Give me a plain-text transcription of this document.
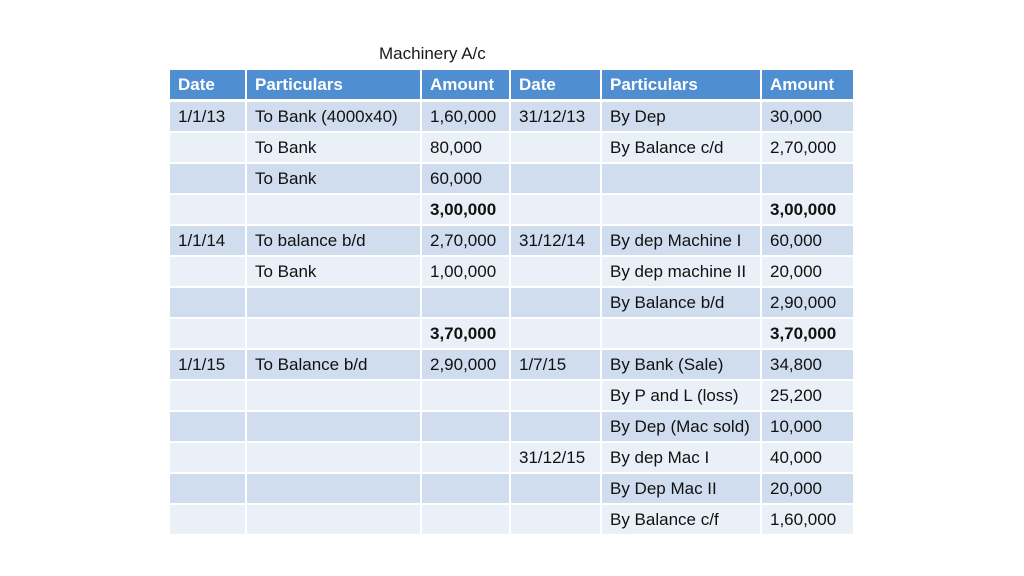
Machinery A/c
Date	Particulars	Amount	Date	Particulars	Amount
1/1/13	To Bank (4000x40)	1,60,000	31/12/13	By Dep	30,000
	To Bank	80,000		By Balance c/d	2,70,000
	To Bank	60,000			
		3,00,000			3,00,000
1/1/14	To balance b/d	2,70,000	31/12/14	By dep Machine I	60,000
	To Bank	1,00,000		By dep machine II	20,000
				By Balance b/d	2,90,000
		3,70,000			3,70,000
1/1/15	To Balance b/d	2,90,000	1/7/15	By Bank (Sale)	34,800
				By P and L (loss)	25,200
				By Dep (Mac sold)	10,000
			31/12/15	By dep Mac I	40,000
				By Dep Mac II	20,000
				By Balance c/f	1,60,000
